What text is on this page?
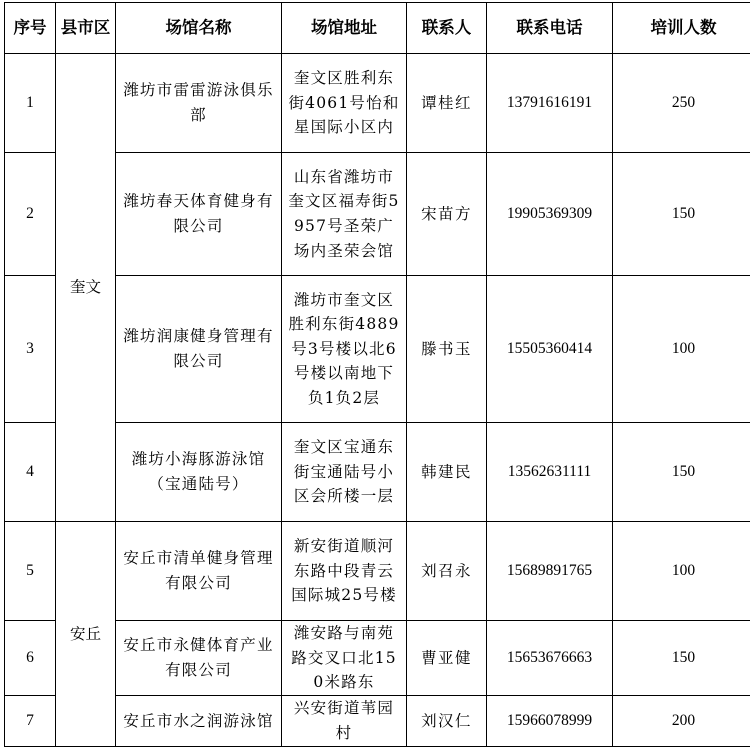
序号	县市区	场馆名称	场馆地址	联系人	联系电话	培训人数
1	奎文	潍坊市雷雷游泳俱乐部	奎文区胜利东街4061号怡和星国际小区内	谭桂红	13791616191	250
2		潍坊春天体育健身有限公司	山东省潍坊市奎文区福寿街5957号圣荣广场内圣荣会馆	宋苗方	19905369309	150
3		潍坊润康健身管理有限公司	潍坊市奎文区胜利东街4889号3号楼以北6号楼以南地下负1负2层	滕书玉	15505360414	100
4		潍坊小海豚游泳馆（宝通陆号）	奎文区宝通东街宝通陆号小区会所楼一层	韩建民	13562631111	150
5	安丘	安丘市清单健身管理有限公司	新安街道顺河东路中段青云国际城25号楼	刘召永	15689891765	100
6		安丘市永健体育产业有限公司	潍安路与南苑路交叉口北150米路东	曹亚健	15653676663	150
7		安丘市水之润游泳馆	兴安街道苇园村	刘汉仁	15966078999	200
